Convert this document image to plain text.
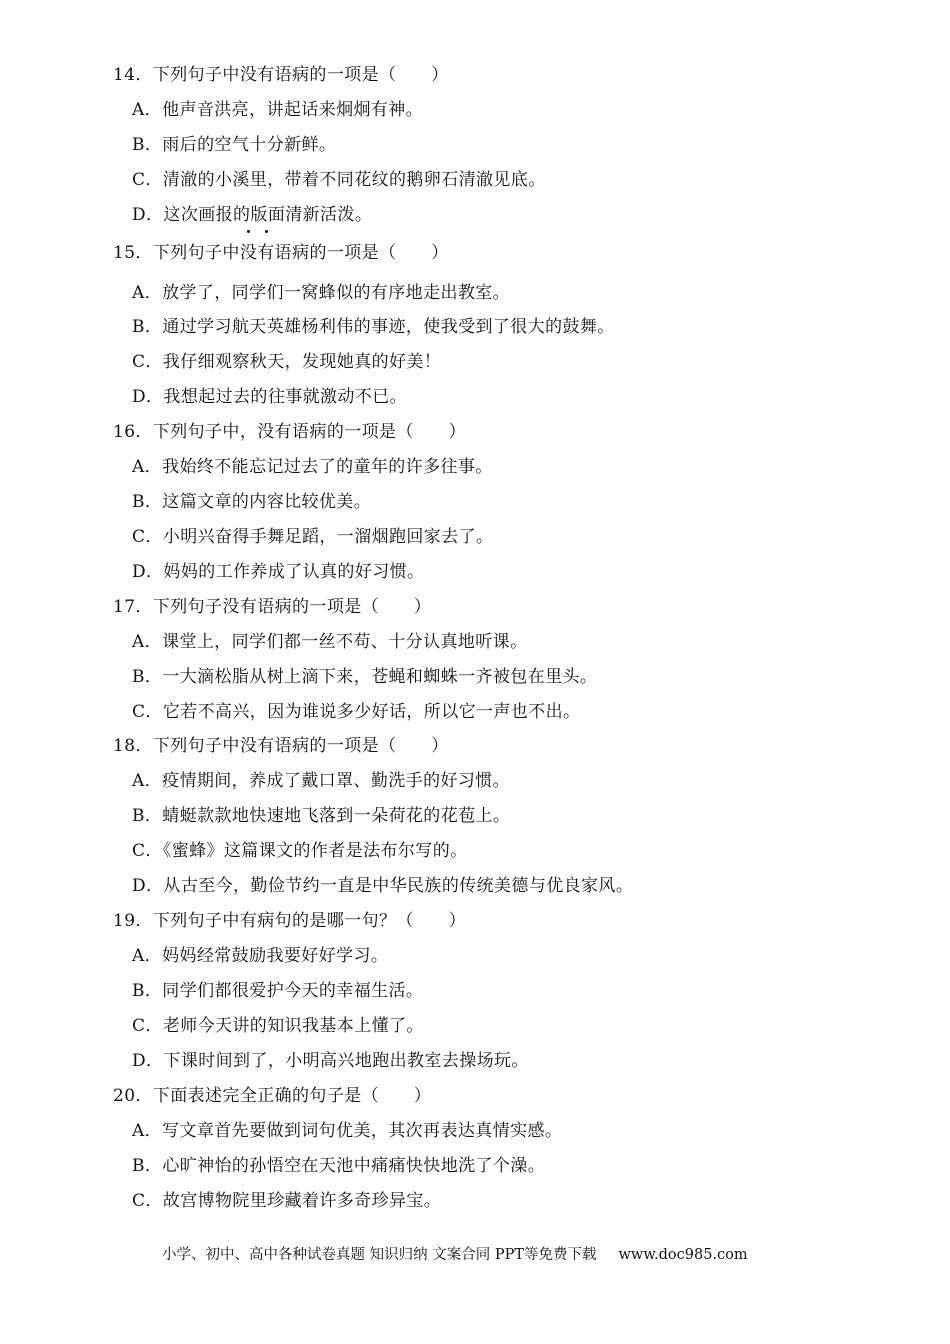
14．下列句子中没有语病的一项是（　　）
A．他声音洪亮，讲起话来炯炯有神。
B．雨后的空气十分新鲜。
C．清澈的小溪里，带着不同花纹的鹅卵石清澈见底。
D．这次画报的版面清新活泼。
15．下列句子中
没有语病的一项是（　　）
A．放学了，同学们一窝蜂似的有序地走出教室。
B．通过学习航天英雄杨利伟的事迹，使我受到了很大的鼓舞。
C．我仔细观察秋天，发现她真的好美！
D．我想起过去的往事就激动不已。
16．下列句子中，没有语病的一项是（　　）
A．我始终不能忘记过去了的童年的许多往事。
B．这篇文章的内容比较优美。
C．小明兴奋得手舞足蹈，一溜烟跑回家去了。
D．妈妈的工作养成了认真的好习惯。
17．下列句子没有语病的一项是（　　）
A．课堂上，同学们都一丝不苟、十分认真地听课。
B．一大滴松脂从树上滴下来，苍蝇和蜘蛛一齐被包在里头。
C．它若不高兴，因为谁说多少好话，所以它一声也不出。
18．下列句子中没有语病的一项是（　　）
A．疫情期间，养成了戴口罩、勤洗手的好习惯。
B．蜻蜓款款地快速地飞落到一朵荷花的花苞上。
C．《蜜蜂》这篇课文的作者是法布尔写的。
D．从古至今，勤俭节约一直是中华民族的传统美德与优良家风。
19．下列句子中有病句的是哪一句？（　　）
A．妈妈经常鼓励我要好好学习。
B．同学们都很爱护今天的幸福生活。
C．老师今天讲的知识我基本上懂了。
D．下课时间到了，小明高兴地跑出教室去操场玩。
20．下面表述完全正确的句子是（　　）
A．写文章首先要做到词句优美，其次再表达真情实感。
B．心旷神怡的孙悟空在天池中痛痛快快地洗了个澡。
C．故宫博物院里珍藏着许多奇珍异宝。
小学、初中、高中各种试卷真题 知识归纳 文案合同 PPT等免费下载 www.doc985.com
